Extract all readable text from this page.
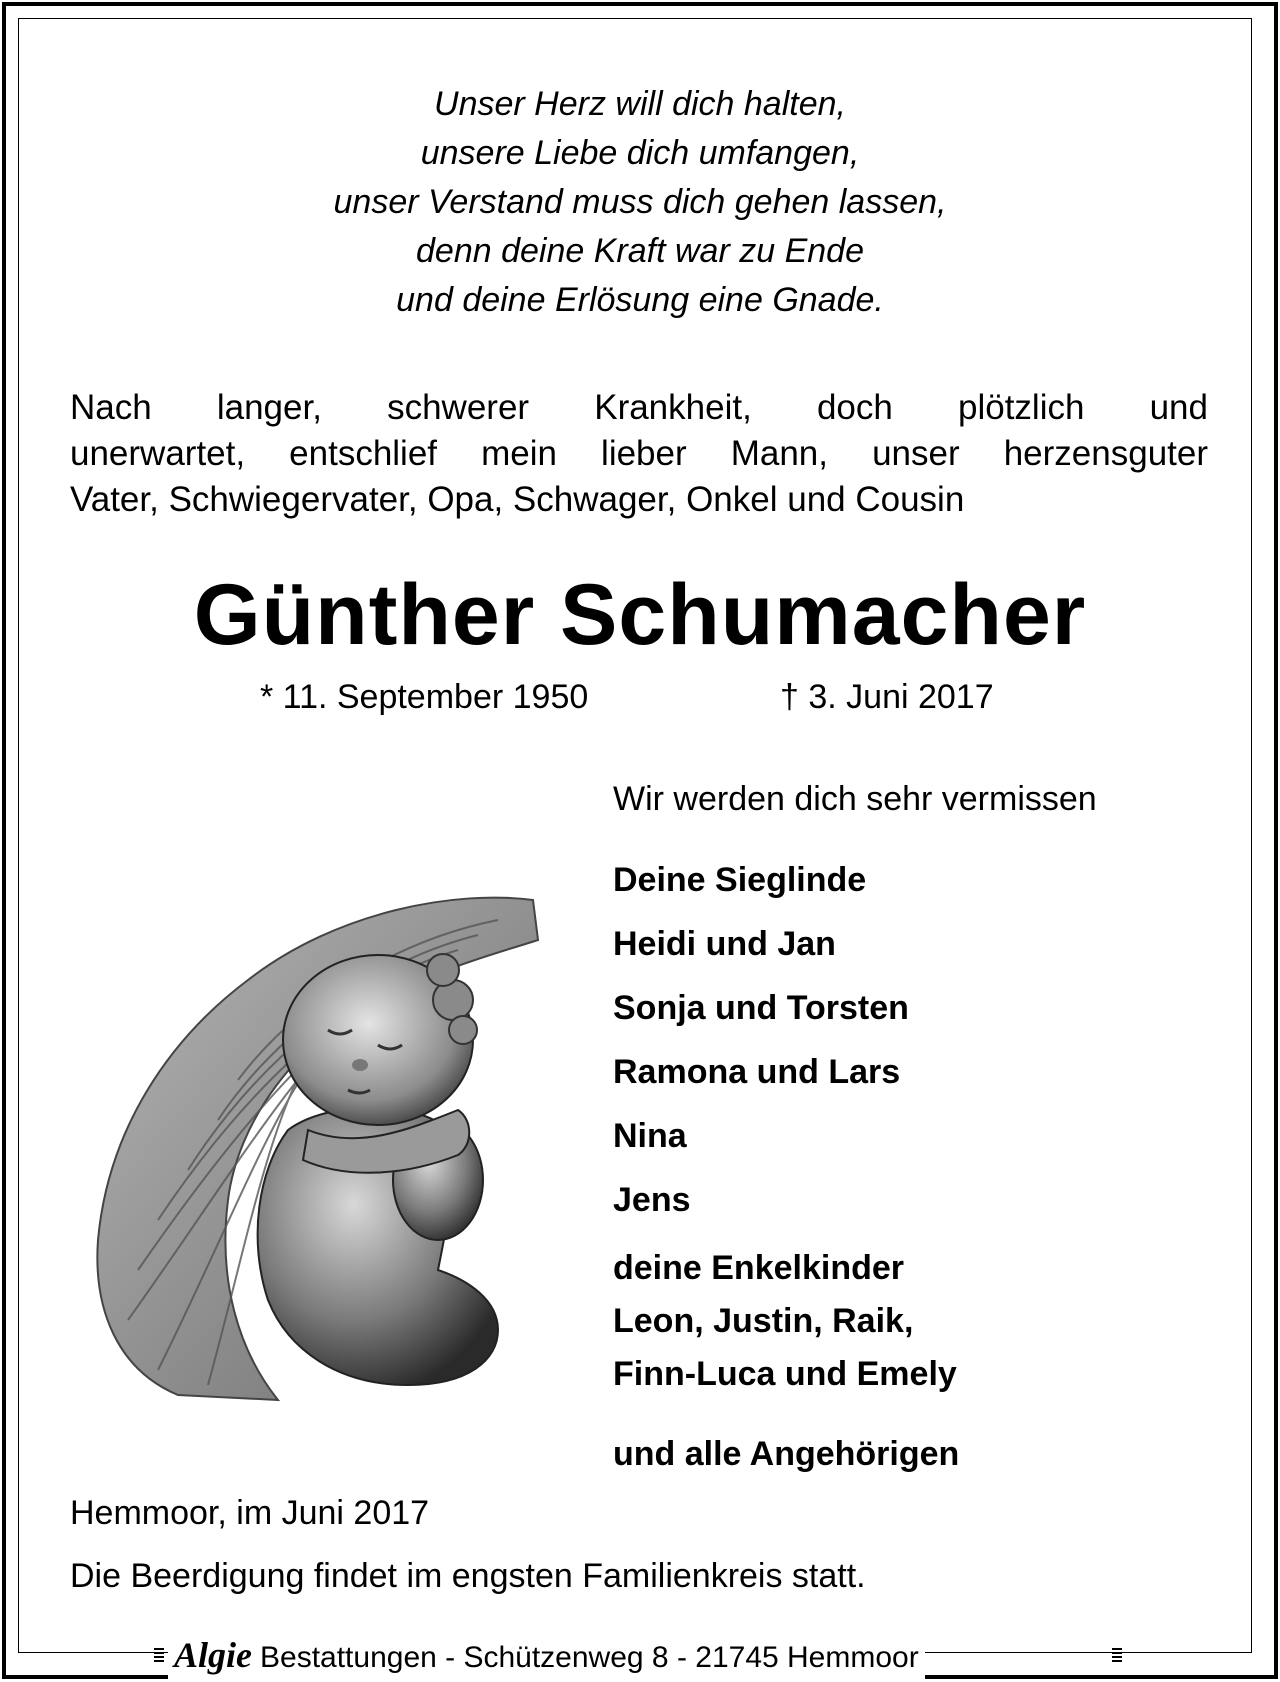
Unser Herz will dich halten,
unsere Liebe dich umfangen,
unser Verstand muss dich gehen lassen,
denn deine Kraft war zu Ende
und deine Erlösung eine Gnade.
Nach langer, schwerer Krankheit, doch plötzlich und
unerwartet, entschlief mein lieber Mann, unser herzensguter
Vater, Schwiegervater, Opa, Schwager, Onkel und Cousin
Günther Schumacher
* 11. September 1950	† 3. Juni 2017
Wir werden dich sehr vermissen
Deine Sieglinde
Heidi und Jan
Sonja und Torsten
Ramona und Lars
Nina
Jens
deine Enkelkinder
Leon, Justin, Raik,
Finn-Luca und Emely
und alle Angehörigen
Hemmoor, im Juni 2017
Die Beerdigung findet im engsten Familienkreis statt.
Algie Bestattungen - Schützenweg 8 - 21745 Hemmoor
